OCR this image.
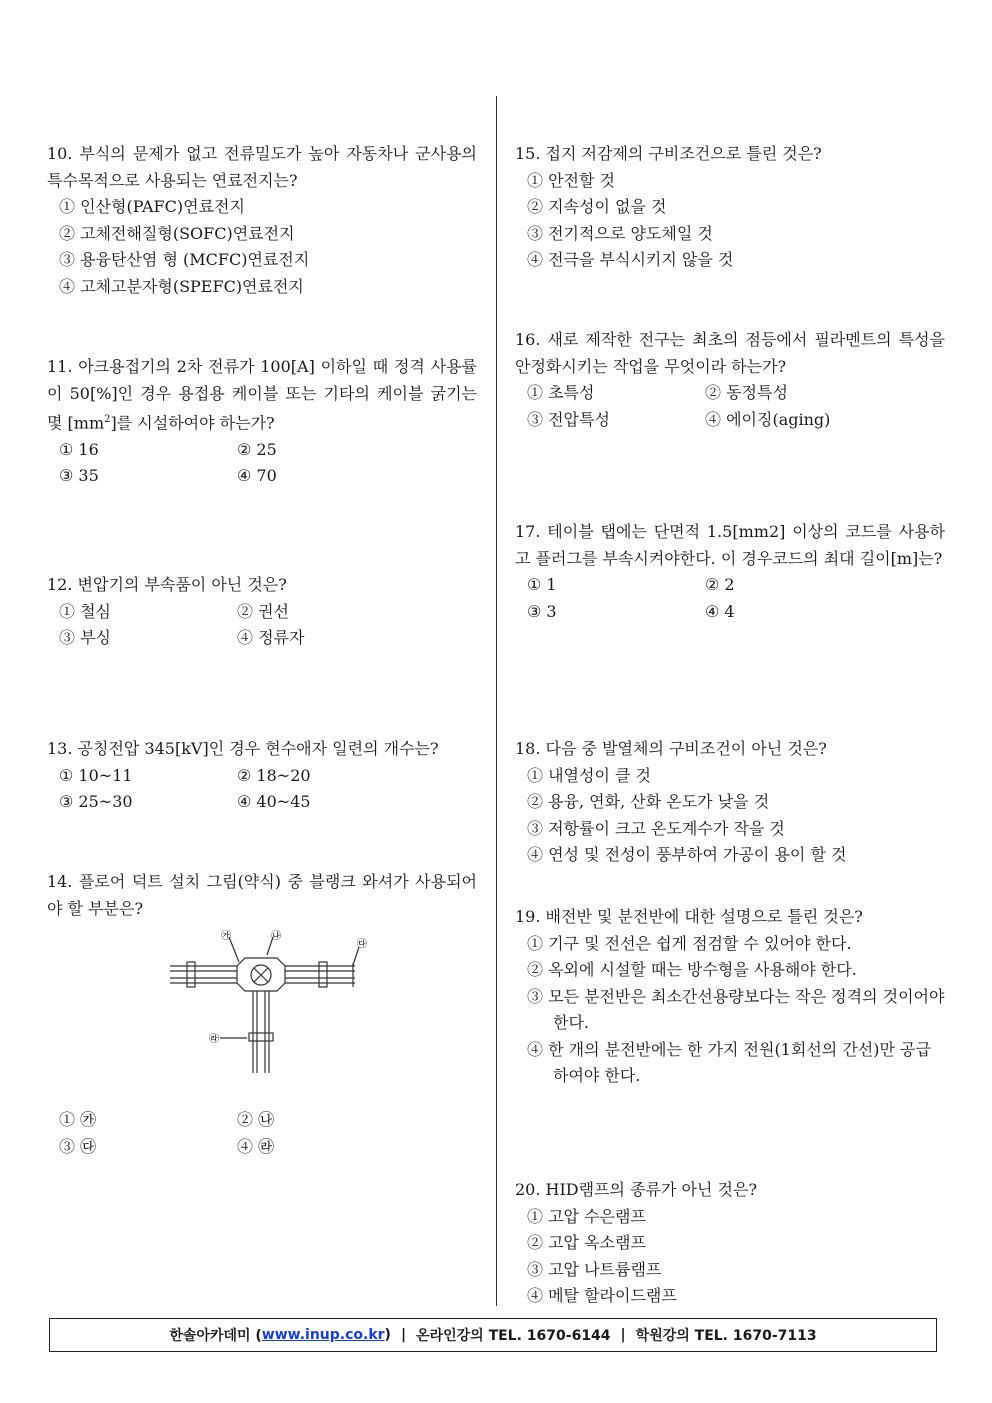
10. 부식의 문제가 없고 전류밀도가 높아 자동차나 군사용의 특수목적으로 사용되는 연료전지는?

① 인산형(PAFC)연료전지

② 고체전해질형(SOFC)연료전지

③ 용융탄산염 형 (MCFC)연료전지

④ 고체고분자형(SPEFC)연료전지

11. 아크용접기의 2차 전류가 100[A] 이하일 때 정격 사용률이 50[%]인 경우 용접용 케이블 또는 기타의 케이블 굵기는 몇 $[mm^2]$를 시설하여야 하는가?

① 16	② 25
③ 35	④ 70

12. 변압기의 부속품이 아닌 것은?

① 철심	② 권선
③ 부싱	④ 정류자

13. 공칭전압 345[kV]인 경우 현수애자 일련의 개수는?

① 10~11	② 18~20
③ 25~30	④ 40~45

14. 플로어 덕트 설치 그림(약식) 중 블랭크 와셔가 사용되어야 할 부분은?

㉮	㉯
㉰
㉱
① ㉮	② ㉯
③ ㉰	④ ㉱

15. 접지 저감제의 구비조건으로 틀린 것은?

① 안전할 것

② 지속성이 없을 것

③ 전기적으로 양도체일 것

④ 전극을 부식시키지 않을 것

16. 새로 제작한 전구는 최초의 점등에서 필라멘트의 특성을 안정화시키는 작업을 무엇이라 하는가?

① 초특성	② 동정특성
③ 전압특성	④ 에이징(aging)

17. 테이블 탭에는 단면적 1.5[mm2] 이상의 코드를 사용하고 플러그를 부속시켜야한다. 이 경우코드의 최대 길이[m]는?

① 1	② 2
③ 3	④ 4

18. 다음 중 발열체의 구비조건이 아닌 것은?

① 내열성이 클 것

② 용융, 연화, 산화 온도가 낮을 것

③ 저항률이 크고 온도계수가 작을 것

④ 연성 및 전성이 풍부하여 가공이 용이 할 것

19. 배전반 및 분전반에 대한 설명으로 틀린 것은?

① 기구 및 전선은 쉽게 점검할 수 있어야 한다.

② 옥외에 시설할 때는 방수형을 사용해야 한다.

③ 모든 분전반은 최소간선용량보다는 작은 정격의 것이어야 한다.

④ 한 개의 분전반에는 한 가지 전원(1회선의 간선)만 공급하여야 한다.

20. HID램프의 종류가 아닌 것은?

① 고압 수은램프

② 고압 옥소램프

③ 고압 나트륨램프

④ 메탈 할라이드램프

한솔아카데미 ( www.inup.co.kr ) | 온라인강의 TEL. 1670-6144 | 학원강의 TEL. 1670-7113
